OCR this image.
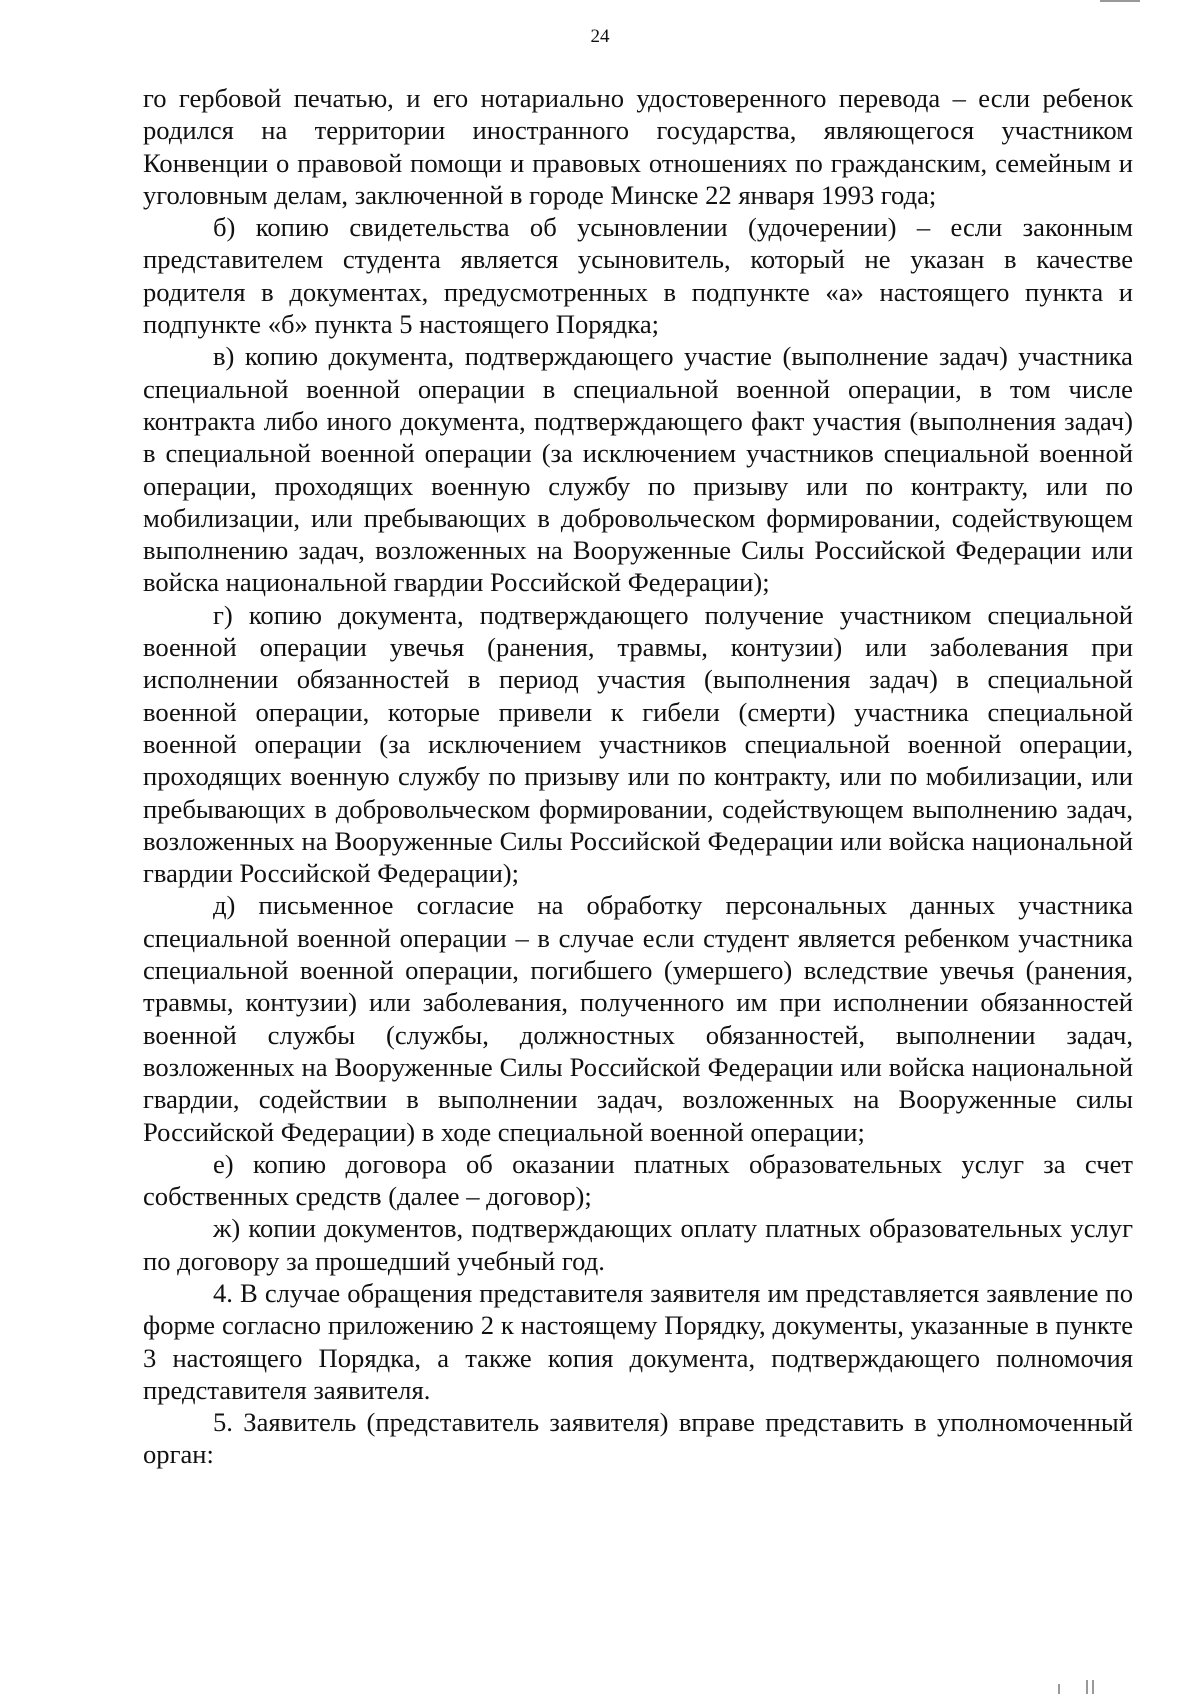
24

го гербовой печатью, и его нотариально удостоверенного перевода – если ребенок родился на территории иностранного государства, являющегося участником Конвенции о правовой помощи и правовых отношениях по гражданским, семейным и уголовным делам, заключенной в городе Минске 22 января 1993 года;

б) копию свидетельства об усыновлении (удочерении) – если законным представителем студента является усыновитель, который не указан в качестве родителя в документах, предусмотренных в подпункте «а» настоящего пункта и подпункте «б» пункта 5 настоящего Порядка;

в) копию документа, подтверждающего участие (выполнение задач) участника специальной военной операции в специальной военной операции, в том числе контракта либо иного документа, подтверждающего факт участия (выполнения задач) в специальной военной операции (за исключением участников специальной военной операции, проходящих военную службу по призыву или по контракту, или по мобилизации, или пребывающих в добровольческом формировании, содействующем выполнению задач, возложенных на Вооруженные Силы Российской Федерации или войска национальной гвардии Российской Федерации);

г) копию документа, подтверждающего получение участником специальной военной операции увечья (ранения, травмы, контузии) или заболевания при исполнении обязанностей в период участия (выполнения задач) в специальной военной операции, которые привели к гибели (смерти) участника специальной военной операции (за исключением участников специальной военной операции, проходящих военную службу по призыву или по контракту, или по мобилизации, или пребывающих в добровольческом формировании, содействующем выполнению задач, возложенных на Вооруженные Силы Российской Федерации или войска национальной гвардии Российской Федерации);

д) письменное согласие на обработку персональных данных участника специальной военной операции – в случае если студент является ребенком участника специальной военной операции, погибшего (умершего) вследствие увечья (ранения, травмы, контузии) или заболевания, полученного им при исполнении обязанностей военной службы (службы, должностных обязанностей, выполнении задач, возложенных на Вооруженные Силы Российской Федерации или войска национальной гвардии, содействии в выполнении задач, возложенных на Вооруженные силы Российской Федерации) в ходе специальной военной операции;

е) копию договора об оказании платных образовательных услуг за счет собственных средств (далее – договор);

ж) копии документов, подтверждающих оплату платных образовательных услуг по договору за прошедший учебный год.

4. В случае обращения представителя заявителя им представляется заявление по форме согласно приложению 2 к настоящему Порядку, документы, указанные в пункте 3 настоящего Порядка, а также копия документа, подтверждающего полномочия представителя заявителя.

5. Заявитель (представитель заявителя) вправе представить в уполномоченный орган:
